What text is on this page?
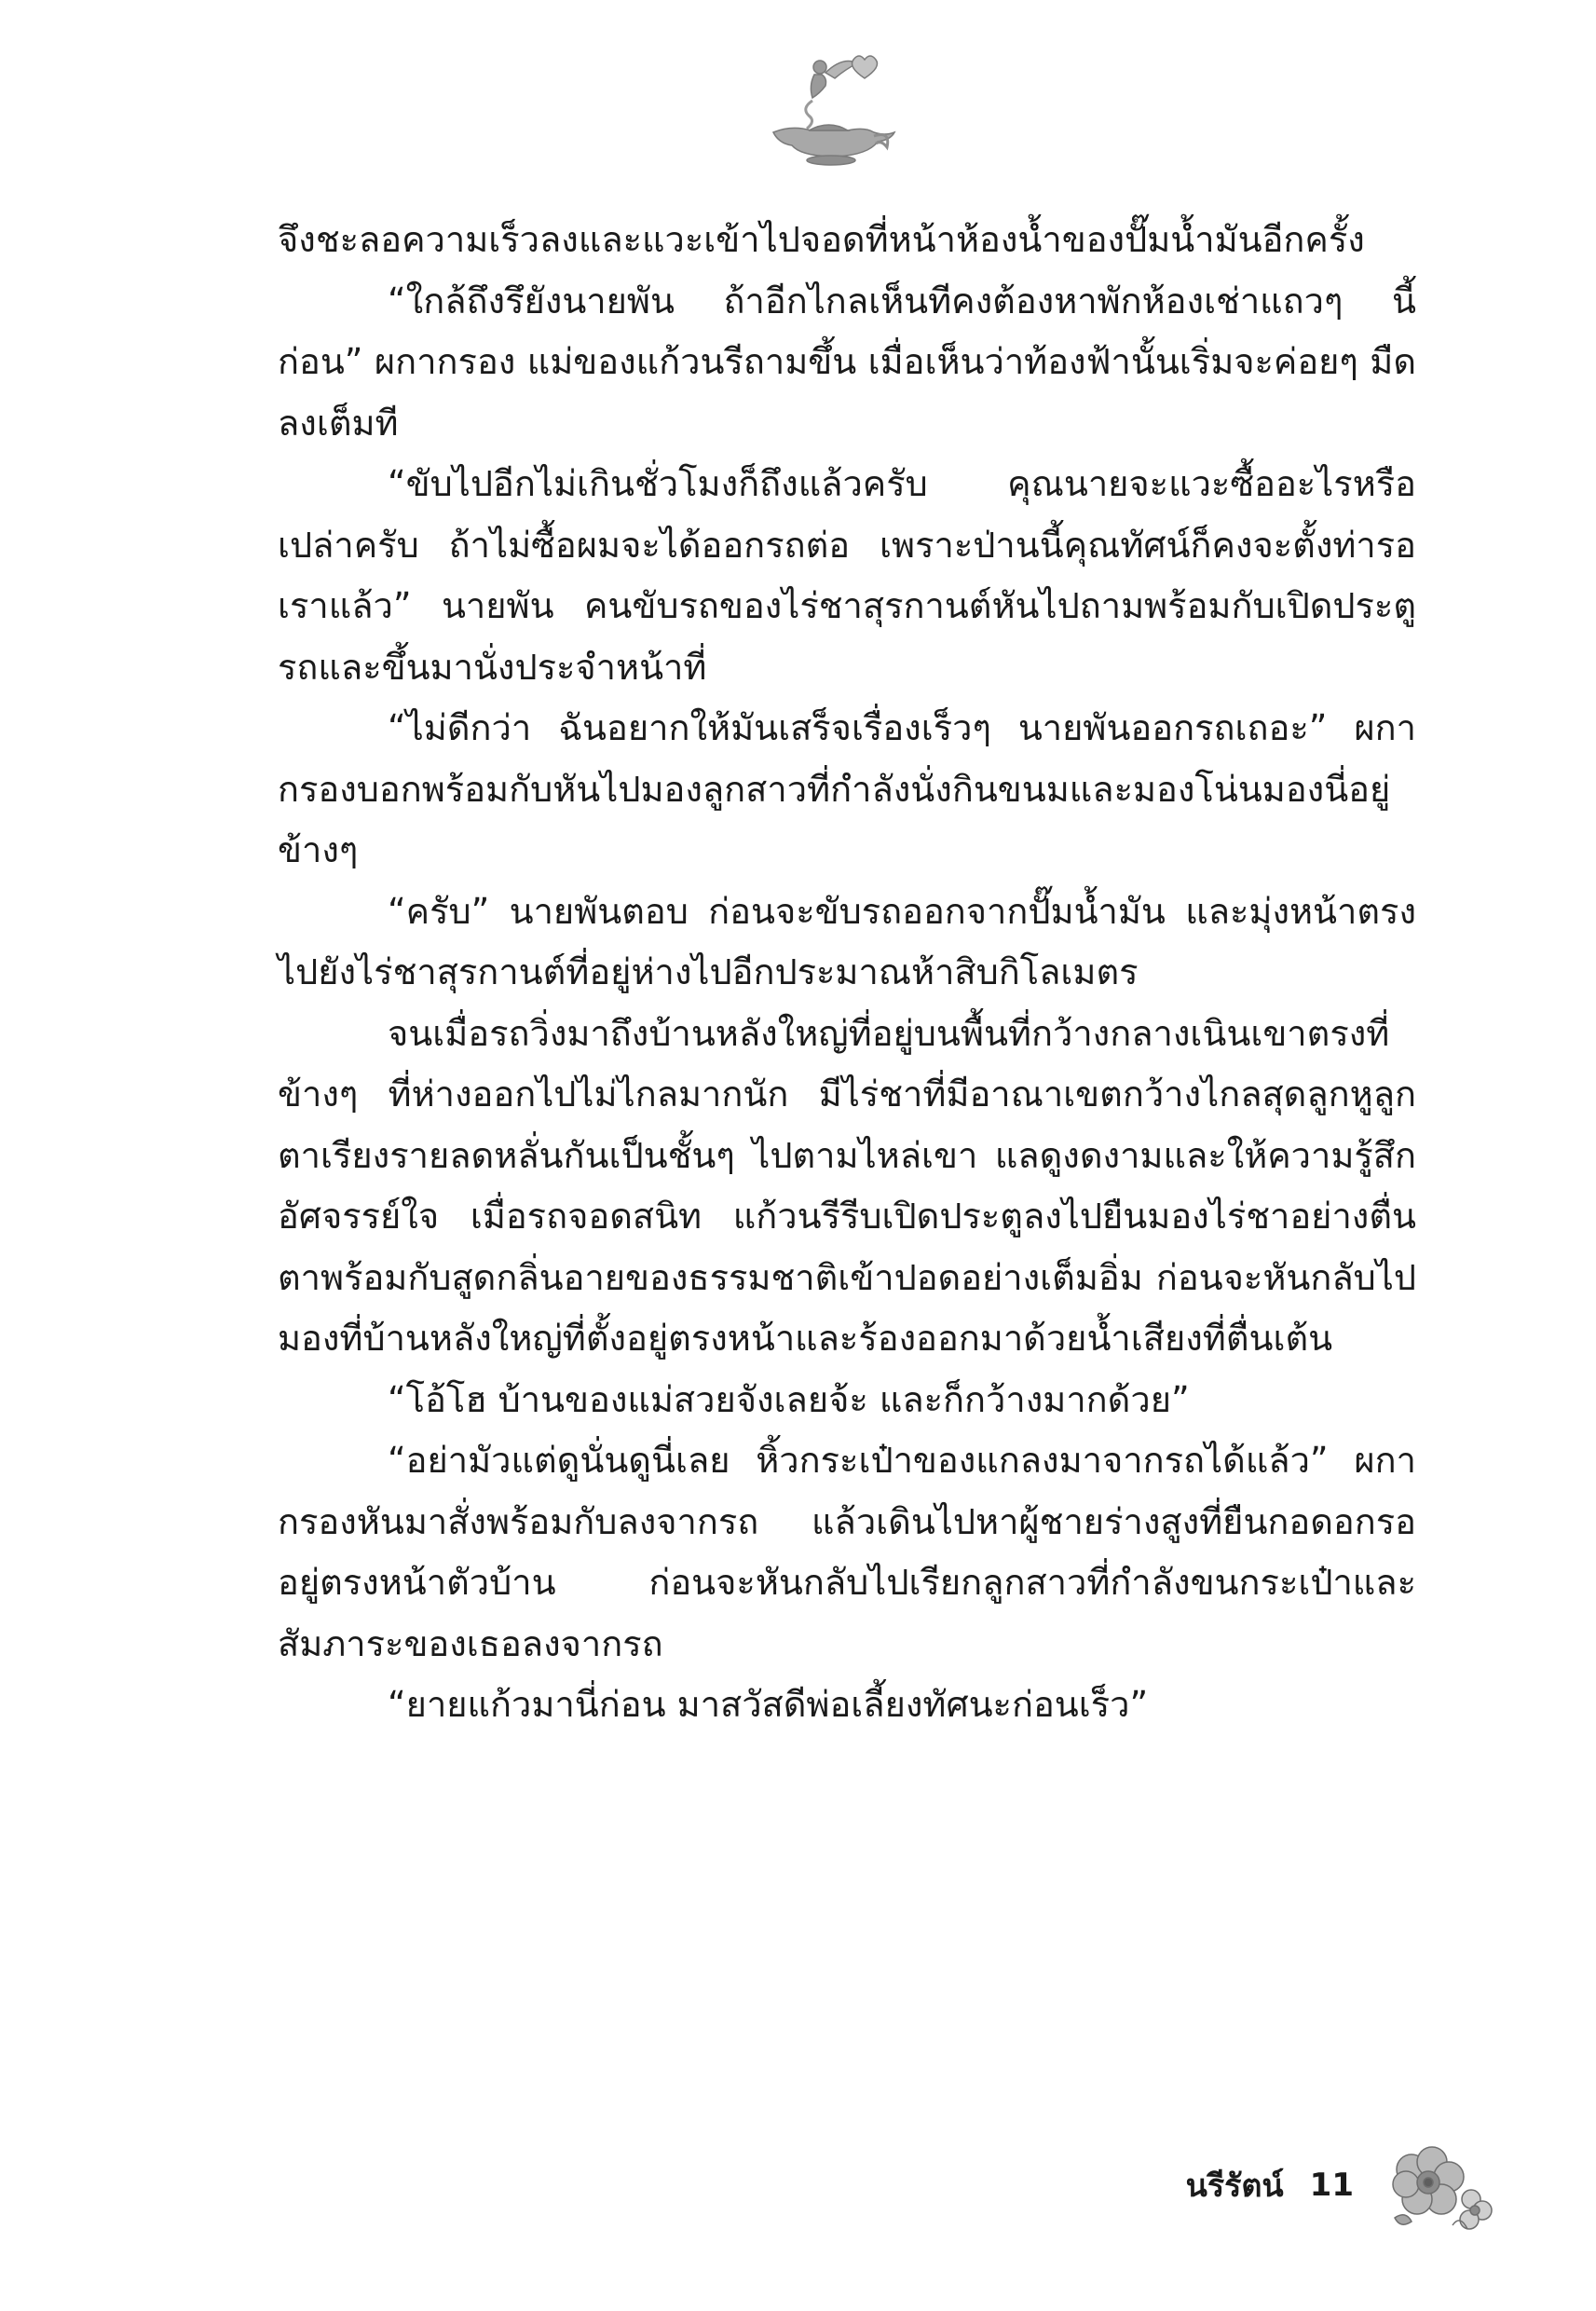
จึงชะลอความเร็วลงและแวะเข้าไปจอดที่หน้าห้องน้ำของปั๊มน้ำมันอีกครั้ง

“ใกล้ถึงรึยังนายพัน ถ้าอีกไกลเห็นทีคงต้องหาพักห้องเช่าแถวๆ นี้ก่อน” ผกากรอง แม่ของแก้วนรีถามขึ้น เมื่อเห็นว่าท้องฟ้านั้นเริ่มจะค่อยๆ มืดลงเต็มที

“ขับไปอีกไม่เกินชั่วโมงก็ถึงแล้วครับ คุณนายจะแวะซื้ออะไรหรือเปล่าครับ ถ้าไม่ซื้อผมจะได้ออกรถต่อ เพราะป่านนี้คุณทัศน์ก็คงจะตั้งท่ารอเราแล้ว” นายพัน คนขับรถของไร่ชาสุรกานต์หันไปถามพร้อมกับเปิดประตูรถและขึ้นมานั่งประจำหน้าที่

“ไม่ดีกว่า ฉันอยากให้มันเสร็จเรื่องเร็วๆ นายพันออกรถเถอะ” ผกากรองบอกพร้อมกับหันไปมองลูกสาวที่กำลังนั่งกินขนมและมองโน่นมองนี่อยู่ข้างๆ

“ครับ” นายพันตอบ ก่อนจะขับรถออกจากปั๊มน้ำมัน และมุ่งหน้าตรงไปยังไร่ชาสุรกานต์ที่อยู่ห่างไปอีกประมาณห้าสิบกิโลเมตร

จนเมื่อรถวิ่งมาถึงบ้านหลังใหญ่ที่อยู่บนพื้นที่กว้างกลางเนินเขาตรงที่ข้างๆ ที่ห่างออกไปไม่ไกลมากนัก มีไร่ชาที่มีอาณาเขตกว้างไกลสุดลูกหูลูกตาเรียงรายลดหลั่นกันเป็นชั้นๆ ไปตามไหล่เขา แลดูงดงามและให้ความรู้สึกอัศจรรย์ใจ เมื่อรถจอดสนิท แก้วนรีรีบเปิดประตูลงไปยืนมองไร่ชาอย่างตื่นตาพร้อมกับสูดกลิ่นอายของธรรมชาติเข้าปอดอย่างเต็มอิ่ม ก่อนจะหันกลับไปมองที่บ้านหลังใหญ่ที่ตั้งอยู่ตรงหน้าและร้องออกมาด้วยน้ำเสียงที่ตื่นเต้น

“โอ้โฮ บ้านของแม่สวยจังเลยจ้ะ และก็กว้างมากด้วย”

“อย่ามัวแต่ดูนั่นดูนี่เลย หิ้วกระเป๋าของแกลงมาจากรถได้แล้ว” ผกากรองหันมาสั่งพร้อมกับลงจากรถ แล้วเดินไปหาผู้ชายร่างสูงที่ยืนกอดอกรออยู่ตรงหน้าตัวบ้าน ก่อนจะหันกลับไปเรียกลูกสาวที่กำลังขนกระเป๋าและสัมภาระของเธอลงจากรถ

“ยายแก้วมานี่ก่อน มาสวัสดีพ่อเลี้ยงทัศนะก่อนเร็ว”

นรีรัตน์ 11
